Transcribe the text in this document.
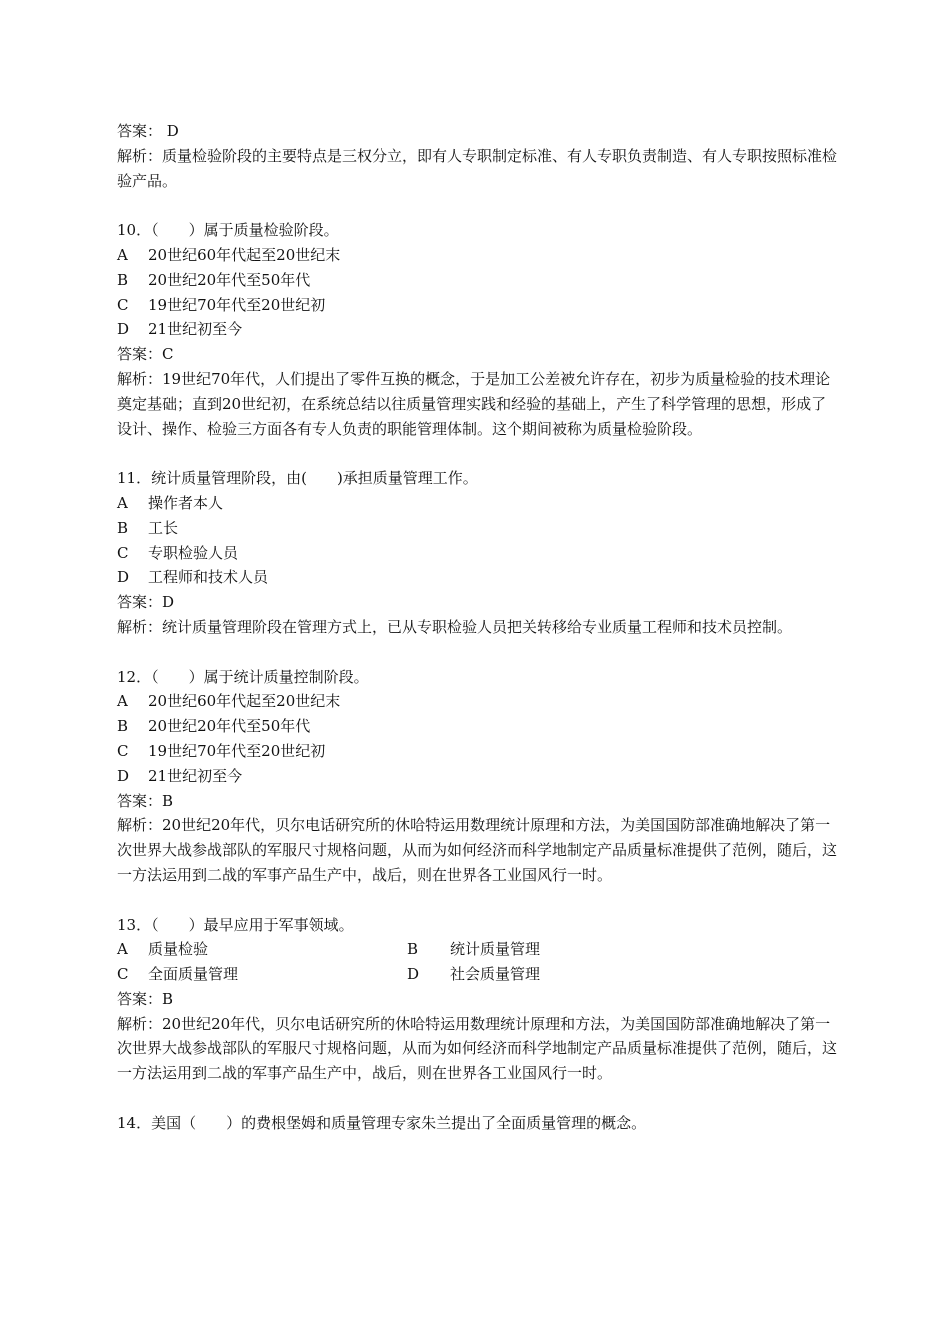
答案： D

解析：质量检验阶段的主要特点是三权分立，即有人专职制定标准、有人专职负责制造、有人专职按照标准检验产品。

10．（　　）属于质量检验阶段。

A	20世纪60年代起至20世纪末
B	20世纪20年代至50年代
C	19世纪70年代至20世纪初
D	21世纪初至今

答案：C

解析：19世纪70年代，人们提出了零件互换的概念，于是加工公差被允许存在，初步为质量检验的技术理论奠定基础；直到20世纪初，在系统总结以往质量管理实践和经验的基础上，产生了科学管理的思想，形成了设计、操作、检验三方面各有专人负责的职能管理体制。这个期间被称为质量检验阶段。

11．统计质量管理阶段，由(　　)承担质量管理工作。

A	操作者本人
B	工长
C	专职检验人员
D	工程师和技术人员

答案：D

解析：统计质量管理阶段在管理方式上，已从专职检验人员把关转移给专业质量工程师和技术员控制。

12．（　　）属于统计质量控制阶段。

A	20世纪60年代起至20世纪末
B	20世纪20年代至50年代
C	19世纪70年代至20世纪初
D	21世纪初至今

答案：B

解析：20世纪20年代，贝尔电话研究所的休哈特运用数理统计原理和方法，为美国国防部准确地解决了第一次世界大战参战部队的军服尺寸规格问题，从而为如何经济而科学地制定产品质量标准提供了范例，随后，这一方法运用到二战的军事产品生产中，战后，则在世界各工业国风行一时。

13．（　　）最早应用于军事领域。

A	质量检验	B	统计质量管理
C	全面质量管理	D	社会质量管理

答案：B

解析：20世纪20年代，贝尔电话研究所的休哈特运用数理统计原理和方法，为美国国防部准确地解决了第一次世界大战参战部队的军服尺寸规格问题，从而为如何经济而科学地制定产品质量标准提供了范例，随后，这一方法运用到二战的军事产品生产中，战后，则在世界各工业国风行一时。

14．美国（　　）的费根堡姆和质量管理专家朱兰提出了全面质量管理的概念。
